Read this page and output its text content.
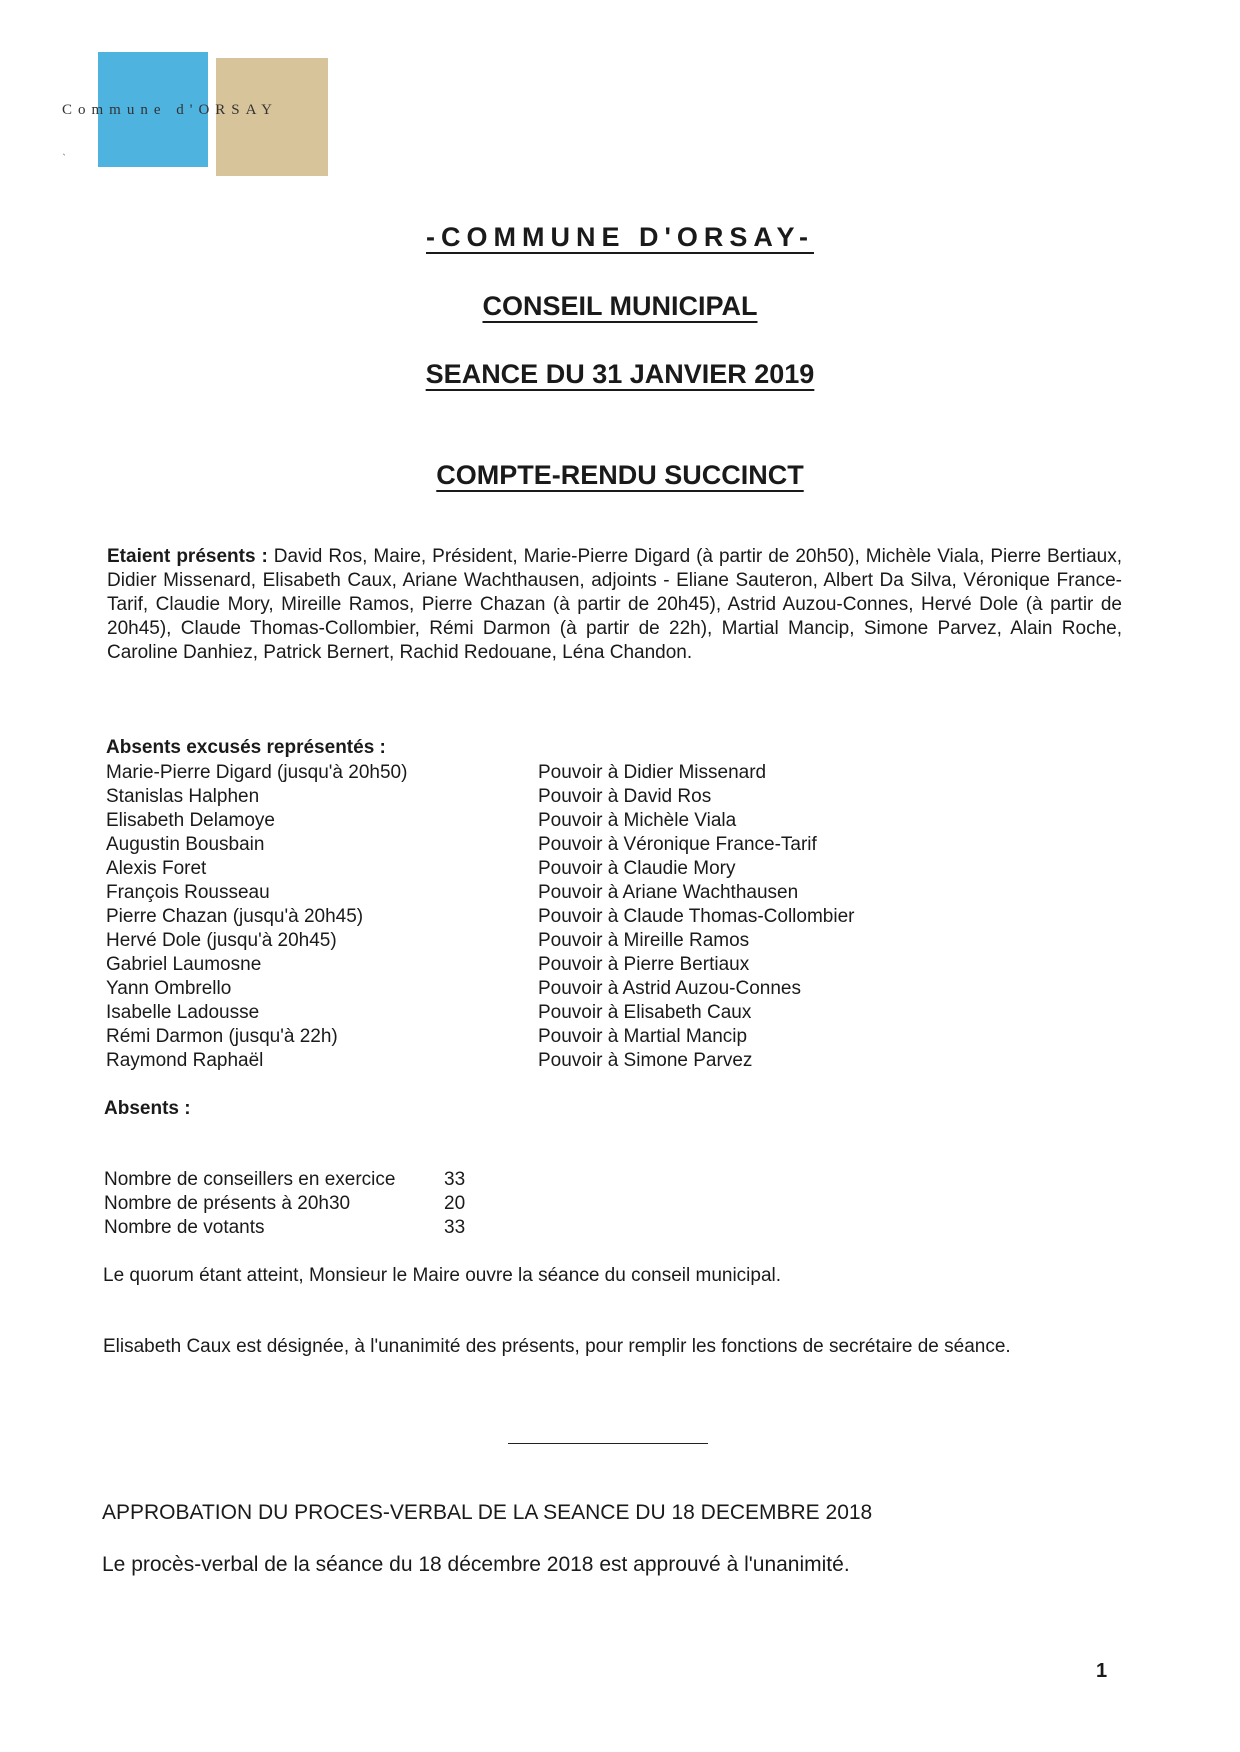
Commune d'ORSAY
˴
-COMMUNE D'ORSAY-
CONSEIL MUNICIPAL
SEANCE DU 31 JANVIER 2019
COMPTE-RENDU SUCCINCT
Etaient présents : David Ros, Maire, Président, Marie-Pierre Digard (à partir de 20h50), Michèle Viala, Pierre Bertiaux, Didier Missenard, Elisabeth Caux, Ariane Wachthausen, adjoints - Eliane Sauteron, Albert Da Silva, Véronique France-Tarif, Claudie Mory, Mireille Ramos, Pierre Chazan (à partir de 20h45), Astrid Auzou-Connes, Hervé Dole (à partir de 20h45), Claude Thomas-Collombier, Rémi Darmon (à partir de 22h), Martial Mancip, Simone Parvez, Alain Roche, Caroline Danhiez, Patrick Bernert, Rachid Redouane, Léna Chandon.
Absents excusés représentés :
Marie-Pierre Digard (jusqu'à 20h50)	Pouvoir à Didier Missenard
Stanislas Halphen	Pouvoir à David Ros
Elisabeth Delamoye	Pouvoir à Michèle Viala
Augustin Bousbain	Pouvoir à Véronique France-Tarif
Alexis Foret	Pouvoir à Claudie Mory
François Rousseau	Pouvoir à Ariane Wachthausen
Pierre Chazan (jusqu'à 20h45)	Pouvoir à Claude Thomas-Collombier
Hervé Dole (jusqu'à 20h45)	Pouvoir à Mireille Ramos
Gabriel Laumosne	Pouvoir à Pierre Bertiaux
Yann Ombrello	Pouvoir à Astrid Auzou-Connes
Isabelle Ladousse	Pouvoir à Elisabeth Caux
Rémi Darmon (jusqu'à 22h)	Pouvoir à Martial Mancip
Raymond Raphaël	Pouvoir à Simone Parvez
Absents :
Nombre de conseillers en exercice	33
Nombre de présents à 20h30	20
Nombre de votants	33
Le quorum étant atteint, Monsieur le Maire ouvre la séance du conseil municipal.
Elisabeth Caux est désignée, à l'unanimité des présents, pour remplir les fonctions de secrétaire de séance.
APPROBATION DU PROCES-VERBAL DE LA SEANCE DU 18 DECEMBRE 2018
Le procès-verbal de la séance du 18 décembre 2018 est approuvé à l'unanimité.
1
